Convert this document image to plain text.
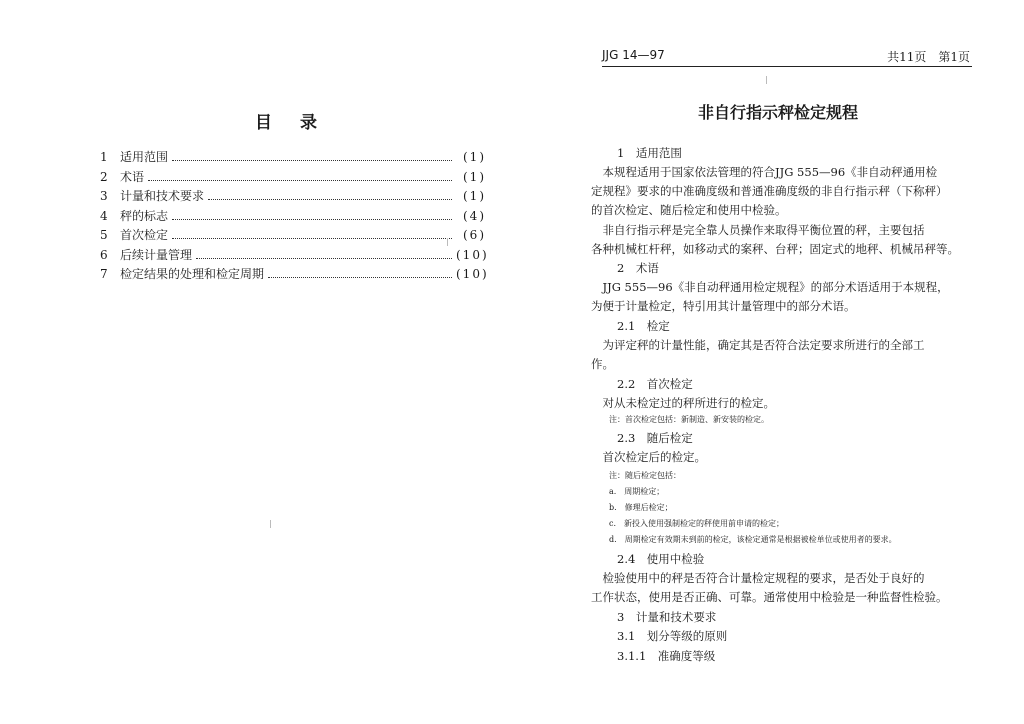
目 录
1	适用范围	(1)
2	术语	(1)
3	计量和技术要求	(1)
4	秤的标志	(4)
5	首次检定	(6)
6	后续计量管理	(10)
7	检定结果的处理和检定周期	(10)
JJG 14—97	共11页　第1页
非自行指示秤检定规程
1　适用范围
　本规程适用于国家依法管理的符合JJG 555—96《非自动秤通用检
定规程》要求的中准确度级和普通准确度级的非自行指示秤（下称秤）
的首次检定、随后检定和使用中检验。
　非自行指示秤是完全靠人员操作来取得平衡位置的秤，主要包括
各种机械杠杆秤，如移动式的案秤、台秤；固定式的地秤、机械吊秤等。
2　术语
　JJG 555—96《非自动秤通用检定规程》的部分术语适用于本规程，
为便于计量检定，特引用其计量管理中的部分术语。
2.1　检定
　为评定秤的计量性能，确定其是否符合法定要求所进行的全部工
作。
2.2　首次检定
　对从未检定过的秤所进行的检定。
注：首次检定包括：新制造、新安装的检定。
2.3　随后检定
　首次检定后的检定。
注：随后检定包括：
a.　周期检定；
b.　修理后检定；
c.　新投入使用强制检定的秤使用前申请的检定；
d.　周期检定有效期未到前的检定，该检定通常是根据被检单位或使用者的要求。
2.4　使用中检验
　检验使用中的秤是否符合计量检定规程的要求，是否处于良好的
工作状态，使用是否正确、可靠。通常使用中检验是一种监督性检验。
3　计量和技术要求
3.1　划分等级的原则
3.1.1　准确度等级
